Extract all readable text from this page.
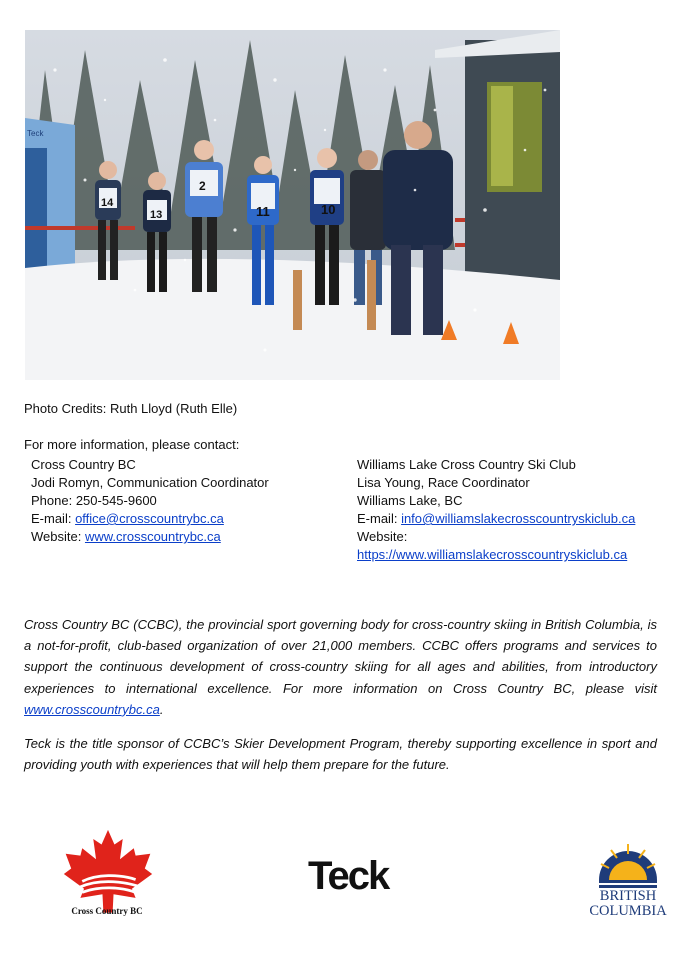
Teck
14
13
2
11	10
Photo Credits: Ruth Lloyd (Ruth Elle)
For more information, please contact:
Cross Country BC
Jodi Romyn, Communication Coordinator
Phone: 250-545-9600
E-mail: office@crosscountrybc.ca
Website: www.crosscountrybc.ca
Williams Lake Cross Country Ski Club
Lisa Young, Race Coordinator
Williams Lake, BC
E-mail: info@williamslakecrosscountryskiclub.ca
Website:
https://www.williamslakecrosscountryskiclub.ca
Cross Country BC (CCBC), the provincial sport governing body for cross-country skiing in British Columbia, is a not-for-profit, club-based organization of over 21,000 members. CCBC offers programs and services to support the continuous development of cross-country skiing for all ages and abilities, from introductory experiences to international excellence. For more information on Cross Country BC, please visit www.crosscountrybc.ca.
Teck is the title sponsor of CCBC’s Skier Development Program, thereby supporting excellence in sport and providing youth with experiences that will help them prepare for the future.
Cross Country BC
Teck	BRITISH
COLUMBIA
